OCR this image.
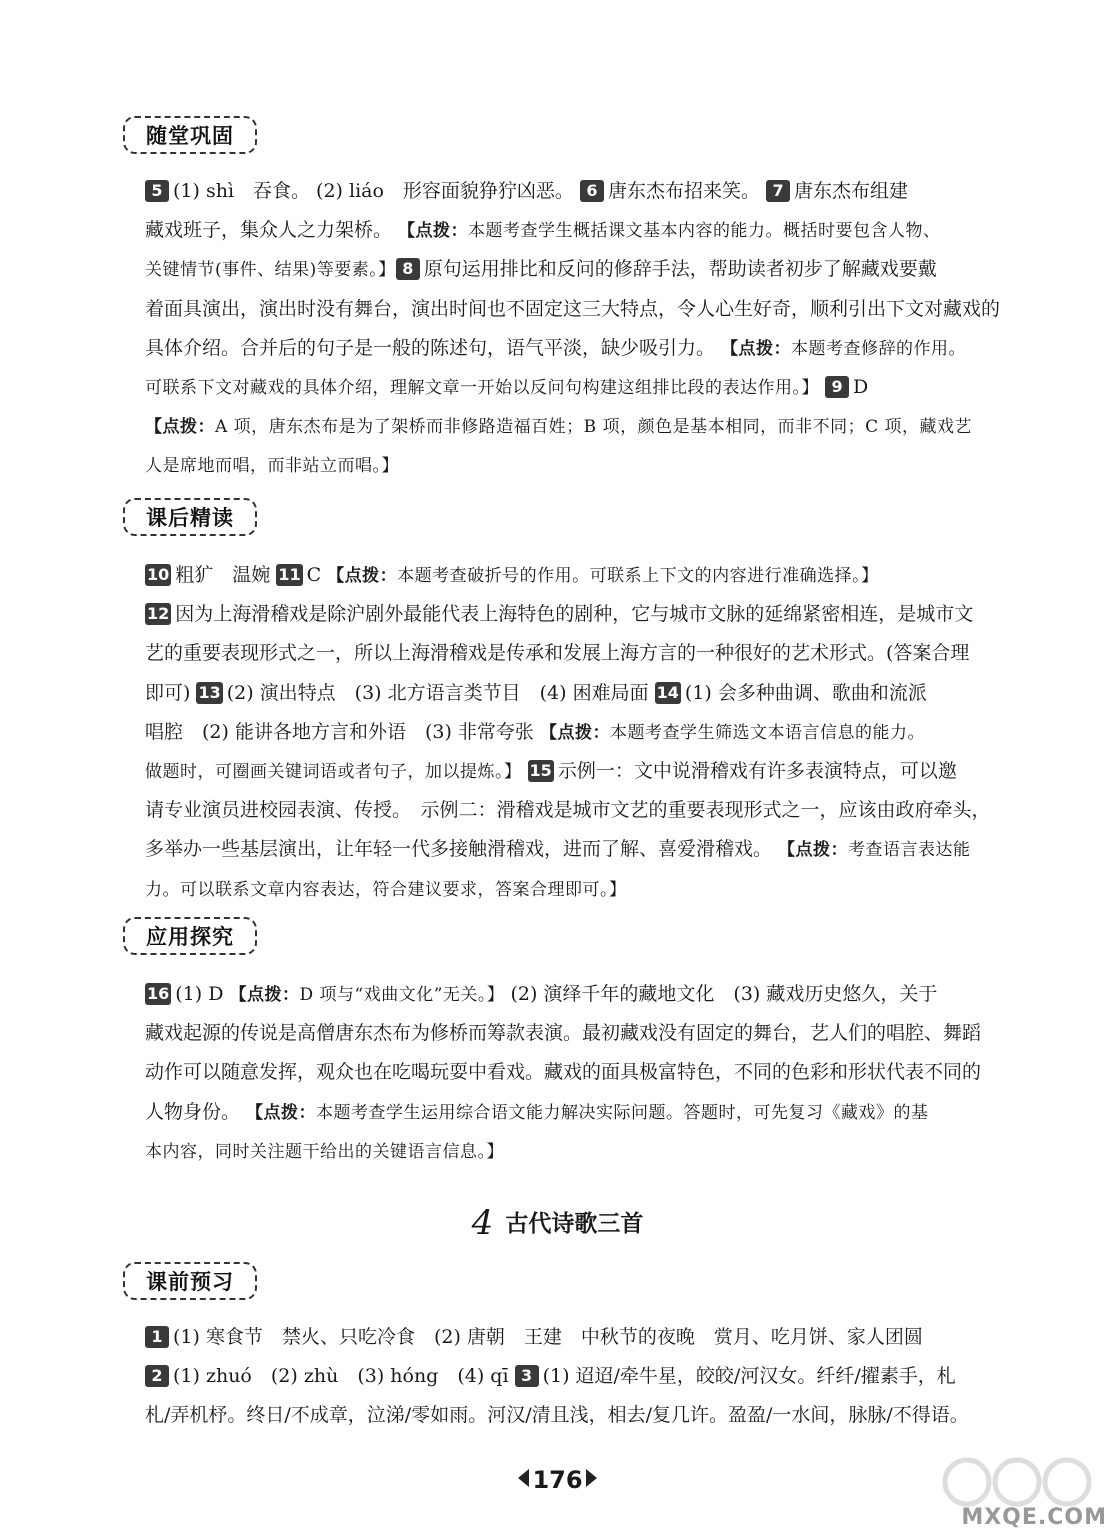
随堂巩固
5 (1) shì　吞食。 (2) liáo　形容面貌狰狞凶恶。 6 唐东杰布招来笑。 7 唐东杰布组建
藏戏班子，集众人之力架桥。 【点拨：本题考查学生概括课文基本内容的能力。概括时要包含人物、
关键情节(事件、结果)等要素。】 8 原句运用排比和反问的修辞手法，帮助读者初步了解藏戏要戴
着面具演出，演出时没有舞台，演出时间也不固定这三大特点，令人心生好奇，顺利引出下文对藏戏的
具体介绍。合并后的句子是一般的陈述句，语气平淡，缺少吸引力。 【点拨：本题考查修辞的作用。
可联系下文对藏戏的具体介绍，理解文章一开始以反问句构建这组排比段的表达作用。】 9 D
【点拨：A 项，唐东杰布是为了架桥而非修路造福百姓；B 项，颜色是基本相同，而非不同；C 项，藏戏艺
人是席地而唱，而非站立而唱。】
课后精读
10 粗犷　温婉 11 C 【点拨：本题考查破折号的作用。可联系上下文的内容进行准确选择。】
12 因为上海滑稽戏是除沪剧外最能代表上海特色的剧种，它与城市文脉的延绵紧密相连，是城市文
艺的重要表现形式之一，所以上海滑稽戏是传承和发展上海方言的一种很好的艺术形式。(答案合理
即可) 13 (2) 演出特点　(3) 北方语言类节目　(4) 困难局面 14 (1) 会多种曲调、歌曲和流派
唱腔　(2) 能讲各地方言和外语　(3) 非常夸张 【点拨：本题考查学生筛选文本语言信息的能力。
做题时，可圈画关键词语或者句子，加以提炼。】 15 示例一：文中说滑稽戏有许多表演特点，可以邀
请专业演员进校园表演、传授。　示例二：滑稽戏是城市文艺的重要表现形式之一，应该由政府牵头，
多举办一些基层演出，让年轻一代多接触滑稽戏，进而了解、喜爱滑稽戏。 【点拨：考查语言表达能
力。可以联系文章内容表达，符合建议要求，答案合理即可。】
应用探究
16 (1) D 【点拨：D 项与“戏曲文化”无关。】 (2) 演绎千年的藏地文化　(3) 藏戏历史悠久，关于
藏戏起源的传说是高僧唐东杰布为修桥而筹款表演。最初藏戏没有固定的舞台，艺人们的唱腔、舞蹈
动作可以随意发挥，观众也在吃喝玩耍中看戏。藏戏的面具极富特色，不同的色彩和形状代表不同的
人物身份。 【点拨：本题考查学生运用综合语文能力解决实际问题。答题时，可先复习《藏戏》的基
本内容，同时关注题干给出的关键语言信息。】
4 古代诗歌三首
课前预习
1 (1) 寒食节　禁火、只吃冷食　(2) 唐朝　王建　中秋节的夜晚　赏月、吃月饼、家人团圆
2 (1) zhuó　(2) zhù　(3) hóng　(4) qī 3 (1) 迢迢/牵牛星，皎皎/河汉女。纤纤/擢素手，札
札/弄机杼。终日/不成章，泣涕/零如雨。河汉/清且浅，相去/复几许。盈盈/一水间，脉脉/不得语。
176
MXQE.COM
